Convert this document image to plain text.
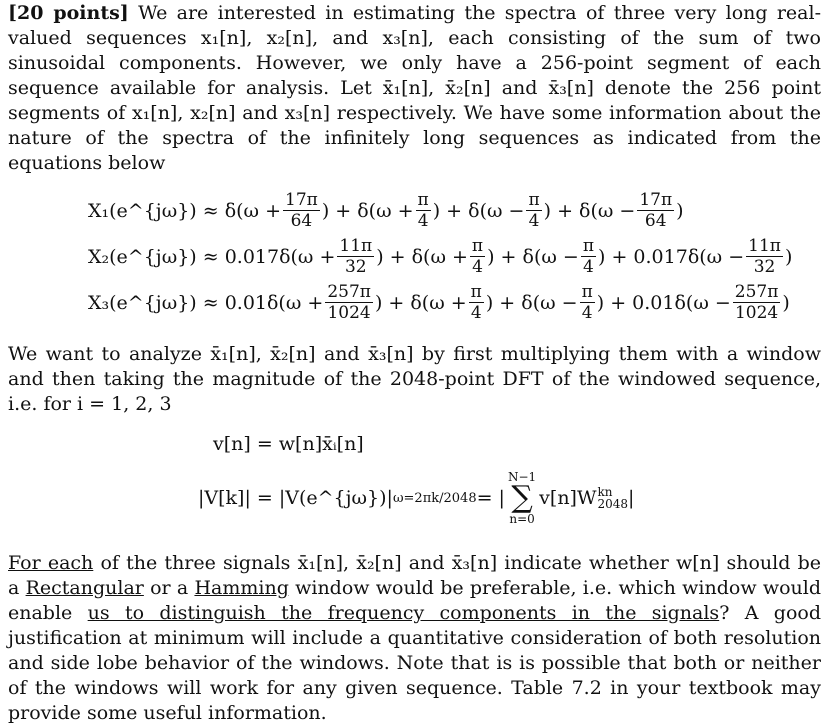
[20 points] We are interested in estimating the spectra of three very long real-valued sequences x₁[n], x₂[n], and x₃[n], each consisting of the sum of two sinusoidal components. However, we only have a 256-point segment of each sequence available for analysis. Let x̄₁[n], x̄₂[n] and x̄₃[n] denote the 256 point segments of x₁[n], x₂[n] and x₃[n] respectively. We have some information about the nature of the spectra of the infinitely long sequences as indicated from the equations below

X₁(e^{jω}) ≈ $\delta(\omega + \frac{17\pi}{64}$ ) + $\delta(\omega + \frac{\pi}{4}$ ) + $\delta(\omega - \frac{\pi}{4}$ ) + $\delta(\omega - \frac{17\pi}{64}$ )
X₂(e^{jω}) ≈ $0.017\delta(\omega + \frac{11\pi}{32}$ ) + $\delta(\omega + \frac{\pi}{4}$ ) + $\delta(\omega - \frac{\pi}{4}$ ) + $0.017\delta(\omega - \frac{11\pi}{32}$ )
X₃(e^{jω}) ≈ $0.01\delta(\omega + \frac{257\pi}{1024}$ ) + $\delta(\omega + \frac{\pi}{4}$ ) + $\delta(\omega - \frac{\pi}{4}$ ) + $0.01\delta(\omega - \frac{257\pi}{1024}$ )

We want to analyze x̄₁[n], x̄₂[n] and x̄₃[n] by first multiplying them with a window and then taking the magnitude of the 2048-point DFT of the windowed sequence, i.e. for i = 1, 2, 3

v[n] = w[n]x̄ᵢ[n]
|V[k]| = |V(e^{jω})| ω=2πk/2048 = |
N−1
∑
n=0
v[n]W kn
2048 |

For each of the three signals x̄₁[n], x̄₂[n] and x̄₃[n] indicate whether w[n] should be a Rectangular or a Hamming window would be preferable, i.e. which window would enable us to distinguish the frequency components in the signals? A good justification at minimum will include a quantitative consideration of both resolution and side lobe behavior of the windows. Note that is is possible that both or neither of the windows will work for any given sequence. Table 7.2 in your textbook may provide some useful information.
